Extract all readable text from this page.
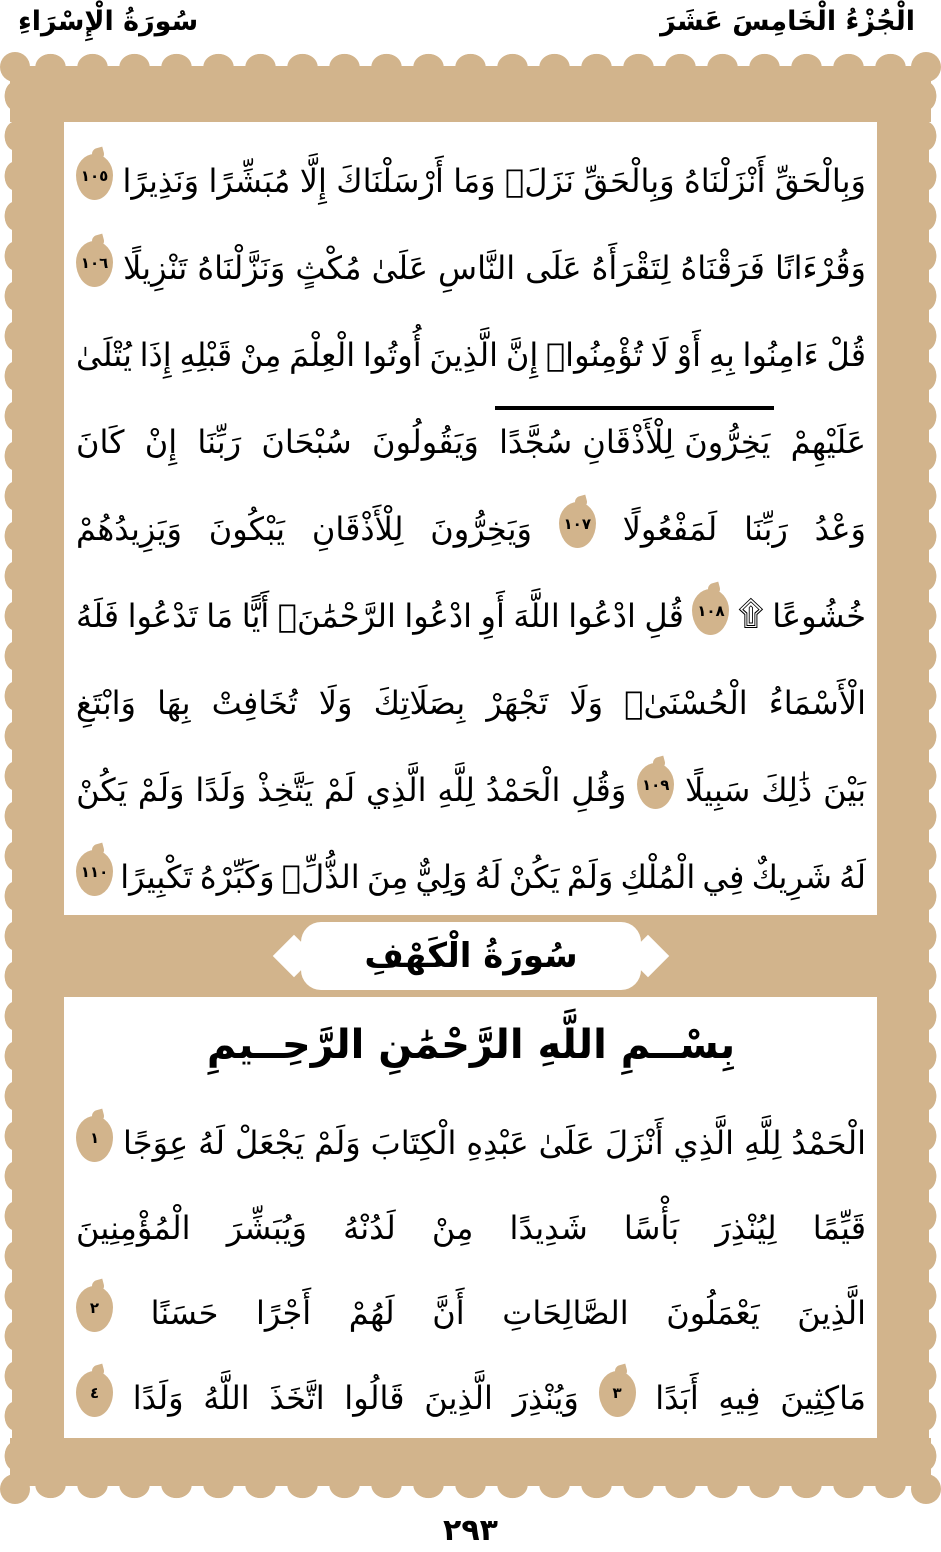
الْجُزْءُ الْخَامِسَ عَشَرَ
سُورَةُ الْإِسْرَاءِ
وَبِالْحَقِّ
أَنْزَلْنَاهُ
وَبِالْحَقِّ
نَزَلَۗ
وَمَا
أَرْسَلْنَاكَ
إِلَّا
مُبَشِّرًا
وَنَذِيرًا
١٠٥
وَقُرْءَانًا
فَرَقْنَاهُ
لِتَقْرَأَهُ
عَلَى
النَّاسِ
عَلَىٰ
مُكْثٍ
وَنَزَّلْنَاهُ
تَنْزِيلًا
١٠٦
قُلْ
ءَامِنُوا
بِهِ
أَوْ
لَا
تُؤْمِنُواۚ
إِنَّ
الَّذِينَ
أُوتُوا
الْعِلْمَ
مِنْ
قَبْلِهِ
إِذَا
يُتْلَىٰ
عَلَيْهِمْ
يَخِرُّونَ لِلْأَذْقَانِ سُجَّدًا
وَيَقُولُونَ
سُبْحَانَ
رَبِّنَا
إِنْ
كَانَ
وَعْدُ
رَبِّنَا
لَمَفْعُولًا
١٠٧
وَيَخِرُّونَ
لِلْأَذْقَانِ
يَبْكُونَ
وَيَزِيدُهُمْ
خُشُوعًا
۩
١٠٨
قُلِ
ادْعُوا
اللَّهَ
أَوِ
ادْعُوا
الرَّحْمَٰنَۖ
أَيًّا
مَا
تَدْعُوا
فَلَهُ
الْأَسْمَاءُ
الْحُسْنَىٰۚ
وَلَا
تَجْهَرْ
بِصَلَاتِكَ
وَلَا
تُخَافِتْ
بِهَا
وَابْتَغِ
بَيْنَ
ذَٰلِكَ
سَبِيلًا
١٠٩
وَقُلِ
الْحَمْدُ
لِلَّهِ
الَّذِي
لَمْ
يَتَّخِذْ
وَلَدًا
وَلَمْ
يَكُنْ
لَهُ
شَرِيكٌ
فِي
الْمُلْكِ
وَلَمْ
يَكُنْ
لَهُ
وَلِيٌّ
مِنَ
الذُّلِّۖ
وَكَبِّرْهُ
تَكْبِيرًا
١١٠
سُورَةُ الْكَهْفِ
بِسْــمِ اللَّهِ الرَّحْمَٰنِ الرَّحِــيمِ
الْحَمْدُ
لِلَّهِ
الَّذِي
أَنْزَلَ
عَلَىٰ
عَبْدِهِ
الْكِتَابَ
وَلَمْ
يَجْعَلْ
لَهُ
عِوَجًا
١
قَيِّمًا
لِيُنْذِرَ
بَأْسًا
شَدِيدًا
مِنْ
لَدُنْهُ
وَيُبَشِّرَ
الْمُؤْمِنِينَ
الَّذِينَ
يَعْمَلُونَ
الصَّالِحَاتِ
أَنَّ
لَهُمْ
أَجْرًا
حَسَنًا
٢
مَاكِثِينَ
فِيهِ
أَبَدًا
٣
وَيُنْذِرَ
الَّذِينَ
قَالُوا
اتَّخَذَ
اللَّهُ
وَلَدًا
٤
٢٩٣
